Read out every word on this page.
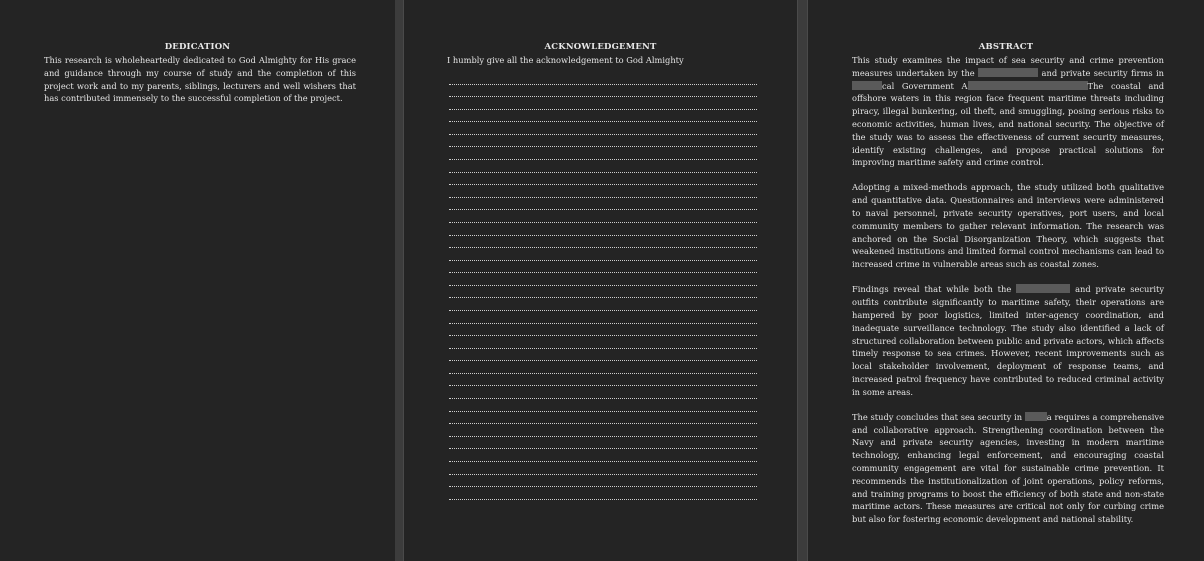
DEDICATION

This research is wholeheartedly dedicated to God Almighty for His grace and guidance through my course of study and the completion of this project work and to my parents, siblings, lecturers and well wishers that has contributed immensely to the successful completion of the project.

ACKNOWLEDGEMENT

I humbly give all the acknowledgement to God Almighty

ABSTRACT

This study examines the impact of sea security and crime prevention measures undertaken by the	and private security firms in cal Government A	The coastal and offshore waters in this region face frequent maritime threats including piracy, illegal bunkering, oil theft, and smuggling, posing serious risks to economic activities, human lives, and national security. The objective of the study was to assess the effectiveness of current security measures, identify existing challenges, and propose practical solutions for improving maritime safety and crime control.

Adopting a mixed-methods approach, the study utilized both qualitative and quantitative data. Questionnaires and interviews were administered to naval personnel, private security operatives, port users, and local community members to gather relevant information. The research was anchored on the Social Disorganization Theory, which suggests that weakened institutions and limited formal control mechanisms can lead to increased crime in vulnerable areas such as coastal zones.

Findings reveal that while both the	and private security outfits contribute significantly to maritime safety, their operations are hampered by poor logistics, limited inter-agency coordination, and inadequate surveillance technology. The study also identified a lack of structured collaboration between public and private actors, which affects timely response to sea crimes. However, recent improvements such as local stakeholder involvement, deployment of response teams, and increased patrol frequency have contributed to reduced criminal activity in some areas.

The study concludes that sea security in	a requires a comprehensive and collaborative approach. Strengthening coordination between the Navy and private security agencies, investing in modern maritime technology, enhancing legal enforcement, and encouraging coastal community engagement are vital for sustainable crime prevention. It recommends the institutionalization of joint operations, policy reforms, and training programs to boost the efficiency of both state and non-state maritime actors. These measures are critical not only for curbing crime but also for fostering economic development and national stability.
